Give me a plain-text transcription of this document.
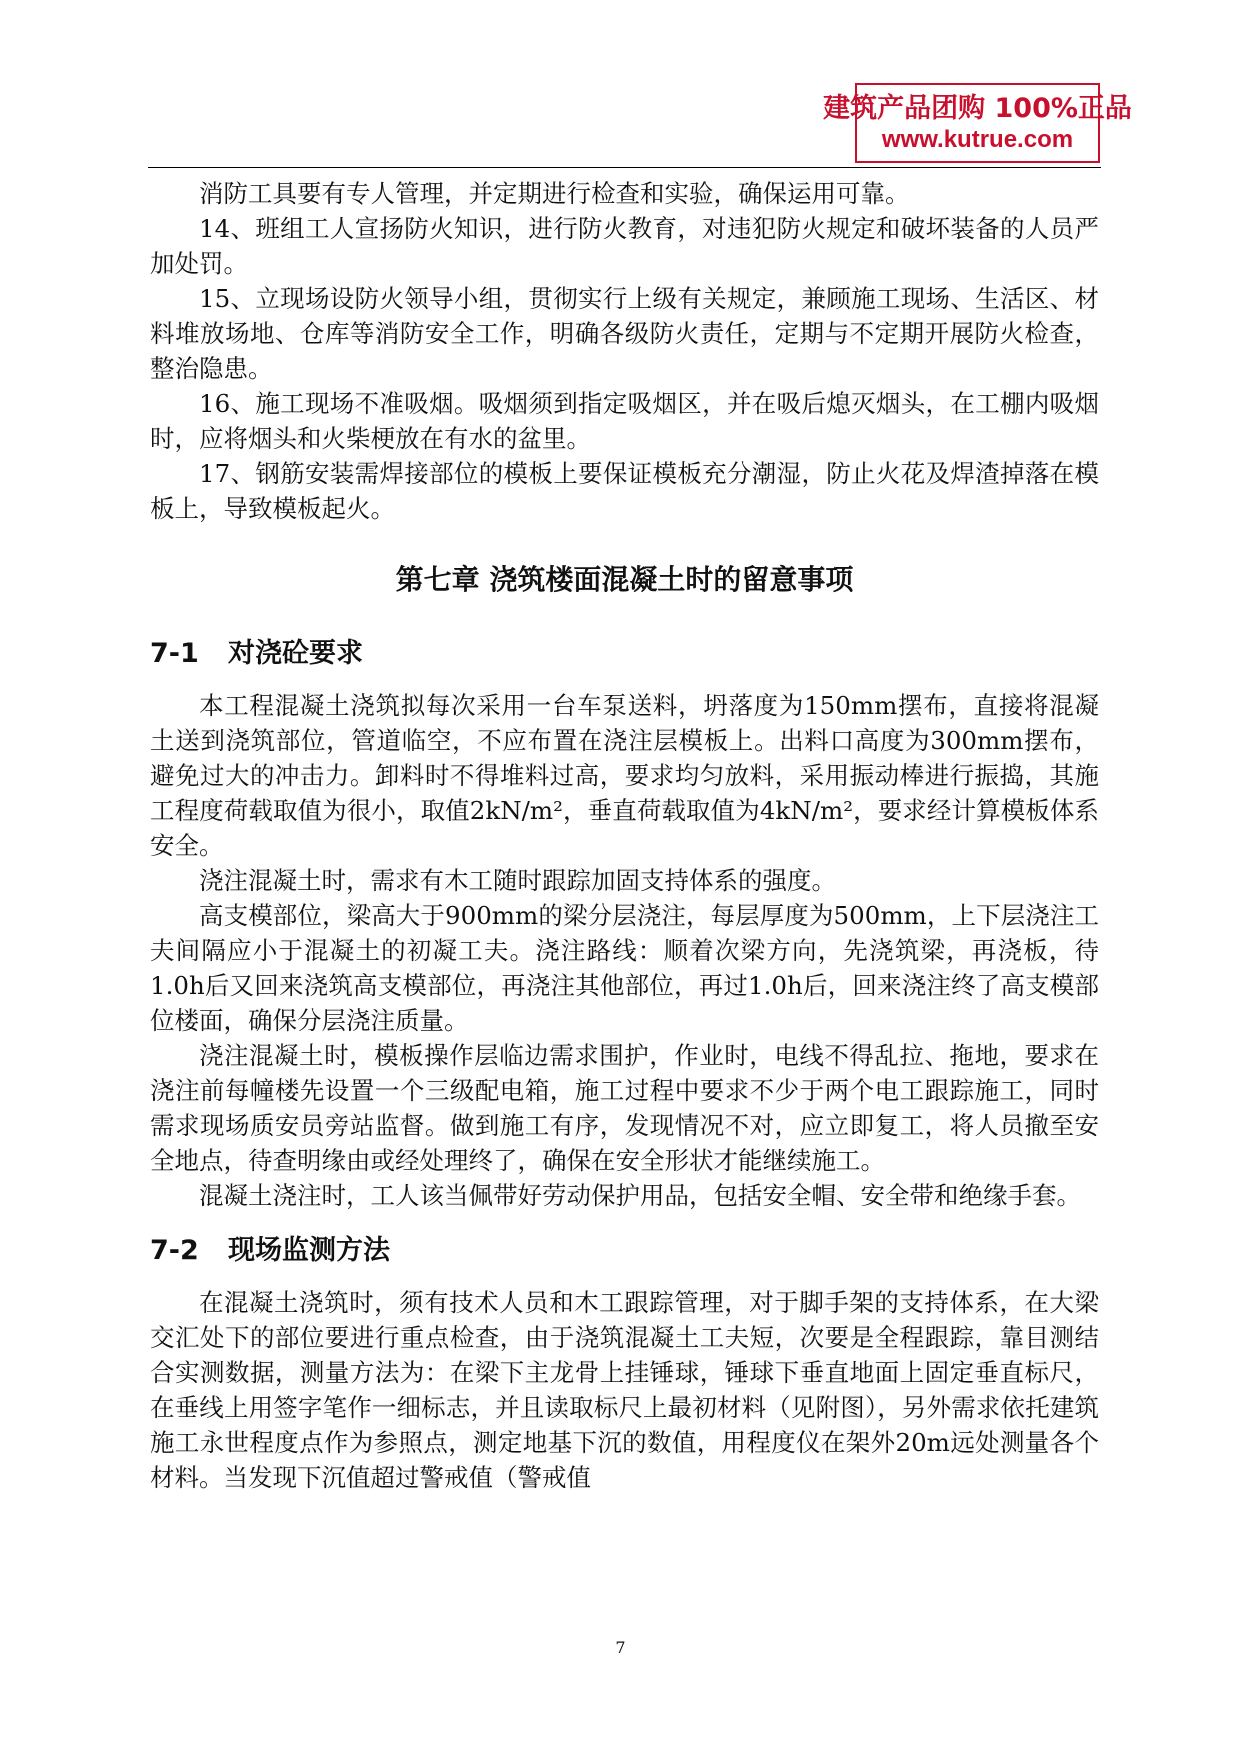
建筑产品团购 100%正品
www.kutrue.com

消防工具要有专人管理，并定期进行检查和实验，确保运用可靠。

14、班组工人宣扬防火知识，进行防火教育，对违犯防火规定和破坏装备的人员严加处罚。

15、立现场设防火领导小组，贯彻实行上级有关规定，兼顾施工现场、生活区、材料堆放场地、仓库等消防安全工作，明确各级防火责任，定期与不定期开展防火检查，整治隐患。

16、施工现场不准吸烟。吸烟须到指定吸烟区，并在吸后熄灭烟头，在工棚内吸烟时，应将烟头和火柴梗放在有水的盆里。

17、钢筋安装需焊接部位的模板上要保证模板充分潮湿，防止火花及焊渣掉落在模板上，导致模板起火。

第七章 浇筑楼面混凝土时的留意事项
7-1 对浇砼要求

本工程混凝土浇筑拟每次采用一台车泵送料，坍落度为150mm摆布，直接将混凝土送到浇筑部位，管道临空，不应布置在浇注层模板上。出料口高度为300mm摆布，避免过大的冲击力。卸料时不得堆料过高，要求均匀放料，采用振动棒进行振捣，其施工程度荷载取值为很小，取值2kN/m²，垂直荷载取值为4kN/m²，要求经计算模板体系安全。

浇注混凝土时，需求有木工随时跟踪加固支持体系的强度。

高支模部位，梁高大于900mm的梁分层浇注，每层厚度为500mm，上下层浇注工夫间隔应小于混凝土的初凝工夫。浇注路线：顺着次梁方向，先浇筑梁，再浇板，待1.0h后又回来浇筑高支模部位，再浇注其他部位，再过1.0h后，回来浇注终了高支模部位楼面，确保分层浇注质量。

浇注混凝土时，模板操作层临边需求围护，作业时，电线不得乱拉、拖地，要求在浇注前每幢楼先设置一个三级配电箱，施工过程中要求不少于两个电工跟踪施工，同时需求现场质安员旁站监督。做到施工有序，发现情况不对，应立即复工，将人员撤至安全地点，待查明缘由或经处理终了，确保在安全形状才能继续施工。

混凝土浇注时，工人该当佩带好劳动保护用品，包括安全帽、安全带和绝缘手套。

7-2 现场监测方法

在混凝土浇筑时，须有技术人员和木工跟踪管理，对于脚手架的支持体系，在大梁交汇处下的部位要进行重点检查，由于浇筑混凝土工夫短，次要是全程跟踪，靠目测结合实测数据，测量方法为：在梁下主龙骨上挂锤球，锤球下垂直地面上固定垂直标尺，在垂线上用签字笔作一细标志，并且读取标尺上最初材料（见附图），另外需求依托建筑施工永世程度点作为参照点，测定地基下沉的数值，用程度仪在架外20m远处测量各个材料。当发现下沉值超过警戒值（警戒值

7
